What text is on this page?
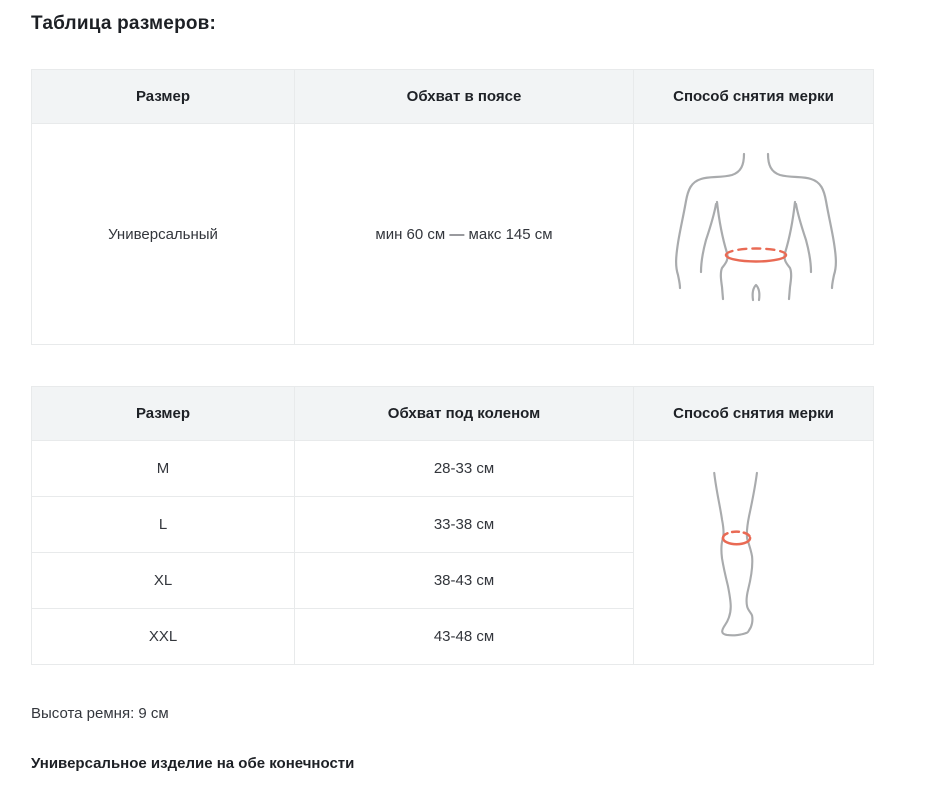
Таблица размеров:
Размер	Обхват в поясе	Способ снятия мерки
Универсальный	мин 60 см — макс 145 см	
Размер	Обхват под коленом	Способ снятия мерки
M	28-33 см	

L	33-38 см	
XL	38-43 см	
XXL	43-48 см	

Высота ремня: 9 см

Универсальное изделие на обе конечности
